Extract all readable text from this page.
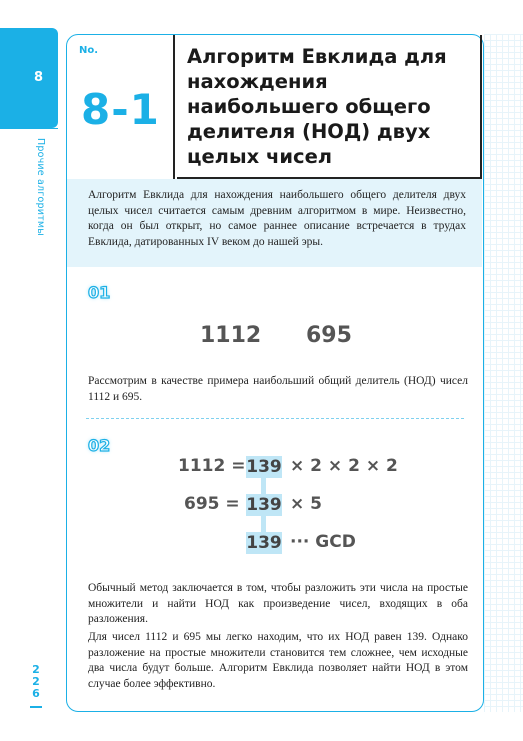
8
Прочие алгоритмы
2
2
6
No.
8-1
Алгоритм Евклида для нахождения наибольшего общего делителя (НОД) двух целых чисел

Алгоритм Евклида для нахождения наибольшего общего делителя двух целых чисел считается самым древним алгоритмом в мире. Неизвестно, когда он был открыт, но самое раннее описание встречается в трудах Евклида, датированных IV веком до нашей эры.

01
1112 695

Рассмотрим в качестве примера наибольший общий делитель (НОД) чисел 1112 и 695.

02
1112 = 139 × 2 × 2 × 2
695 = 139 × 5
139 ··· GCD

Обычный метод заключается в том, чтобы разложить эти числа на простые множители и найти НОД как произведение чисел, входящих в оба разложения.

Для чисел 1112 и 695 мы легко находим, что их НОД равен 139. Однако разложение на простые множители становится тем сложнее, чем исходные два числа будут больше. Алгоритм Евклида позволяет найти НОД в этом случае более эффективно.
